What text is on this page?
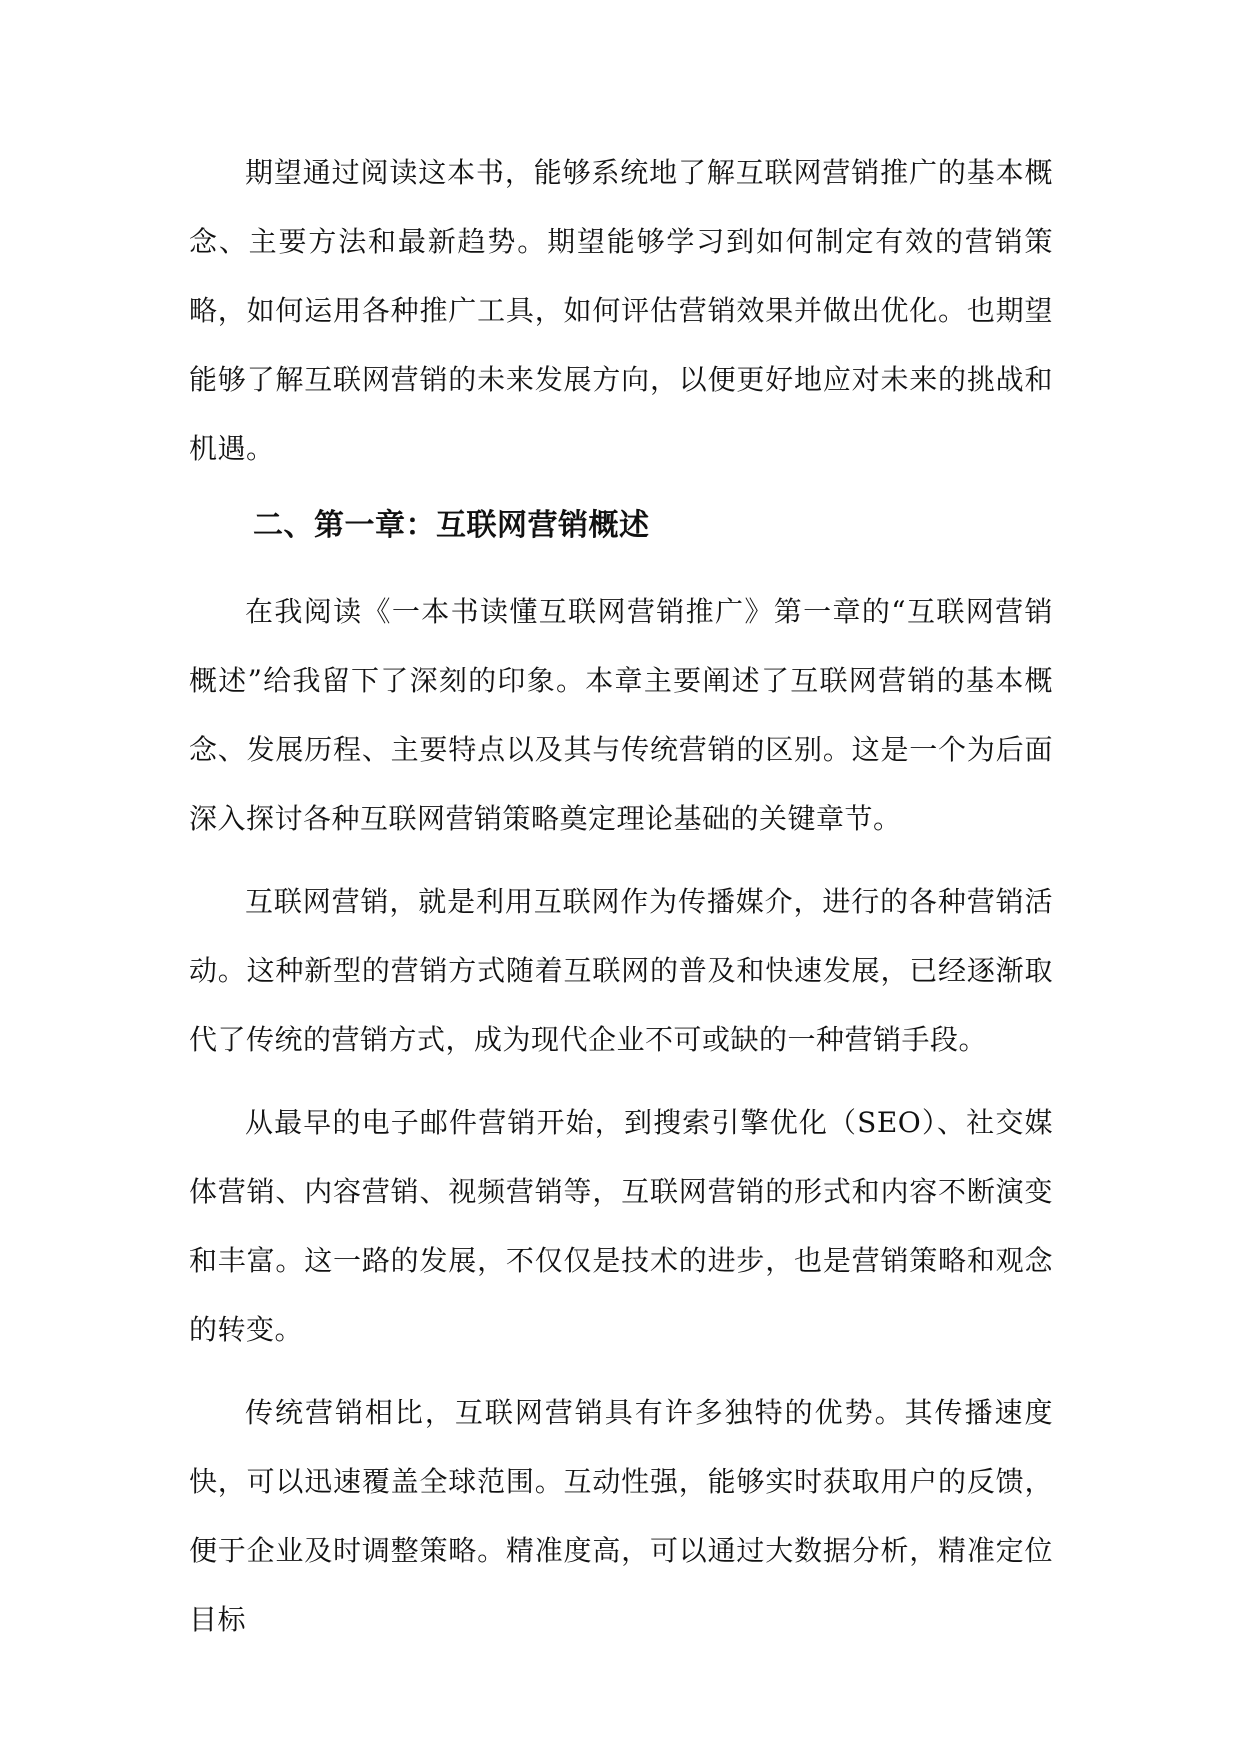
期望通过阅读这本书，能够系统地了解互联网营销推广的基本概念、主要方法和最新趋势。期望能够学习到如何制定有效的营销策略，如何运用各种推广工具，如何评估营销效果并做出优化。也期望能够了解互联网营销的未来发展方向，以便更好地应对未来的挑战和机遇。

二、第一章：互联网营销概述

在我阅读《一本书读懂互联网营销推广》第一章的“互联网营销概述”给我留下了深刻的印象。本章主要阐述了互联网营销的基本概念、发展历程、主要特点以及其与传统营销的区别。这是一个为后面深入探讨各种互联网营销策略奠定理论基础的关键章节。

互联网营销，就是利用互联网作为传播媒介，进行的各种营销活动。这种新型的营销方式随着互联网的普及和快速发展，已经逐渐取代了传统的营销方式，成为现代企业不可或缺的一种营销手段。

从最早的电子邮件营销开始，到搜索引擎优化（SEO）、社交媒体营销、内容营销、视频营销等，互联网营销的形式和内容不断演变和丰富。这一路的发展，不仅仅是技术的进步，也是营销策略和观念的转变。

传统营销相比，互联网营销具有许多独特的优势。其传播速度快，可以迅速覆盖全球范围。互动性强，能够实时获取用户的反馈，便于企业及时调整策略。精准度高，可以通过大数据分析，精准定位目标
